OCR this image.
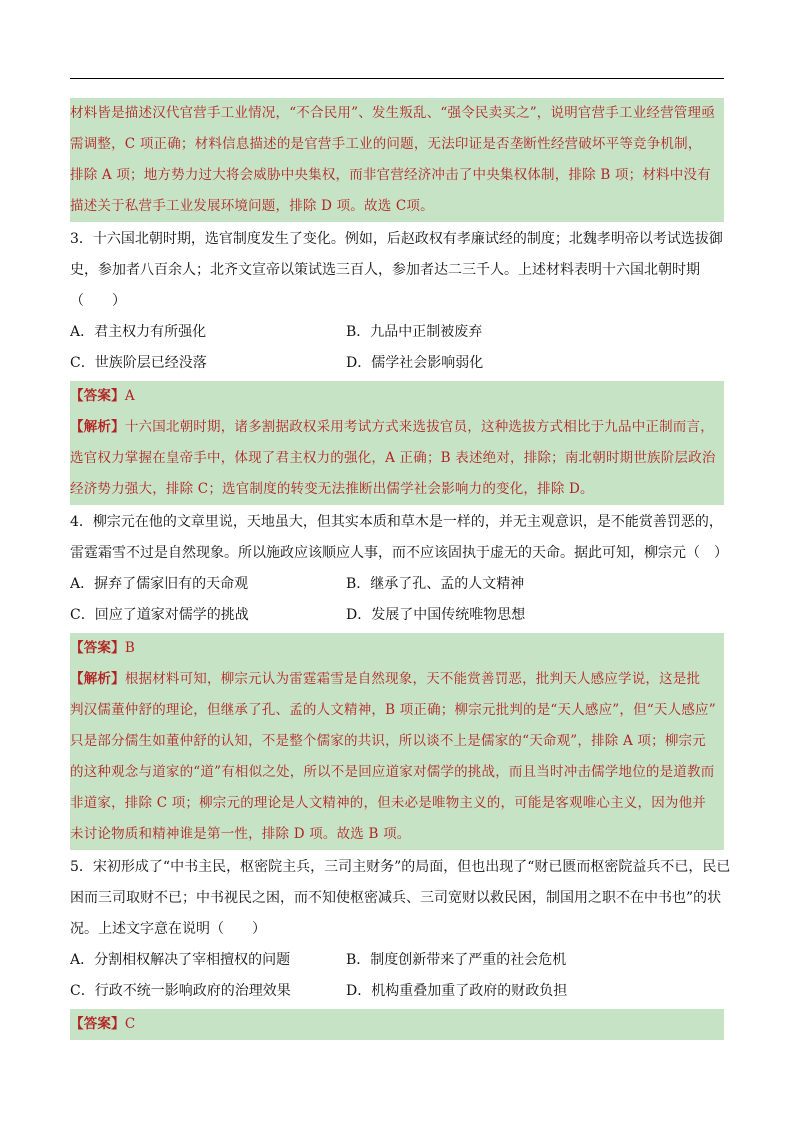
材料皆是描述汉代官营手工业情况，“不合民用”、发生叛乱、“强令民卖买之”，说明官营手工业经营管理亟

需调整，C 项正确；材料信息描述的是官营手工业的问题，无法印证是否垄断性经营破坏平等竞争机制，

排除 A 项；地方势力过大将会威胁中央集权，而非官营经济冲击了中央集权体制，排除 B 项；材料中没有

描述关于私营手工业发展环境问题，排除 D 项。故选 C项。

3．十六国北朝时期，选官制度发生了变化。例如，后赵政权有孝廉试经的制度；北魏孝明帝以考试选拔御

史，参加者八百余人；北齐文宣帝以策试选三百人，参加者达二三千人。上述材料表明十六国北朝时期

（　　）

A．君主权力有所强化	B．九品中正制被废弃
C．世族阶层已经没落	D．儒学社会影响弱化

【答案】A

【解析】十六国北朝时期，诸多割据政权采用考试方式来选拔官员，这种选拔方式相比于九品中正制而言，

选官权力掌握在皇帝手中，体现了君主权力的强化，A 正确；B 表述绝对，排除；南北朝时期世族阶层政治

经济势力强大，排除 C；选官制度的转变无法推断出儒学社会影响力的变化，排除 D。

4．柳宗元在他的文章里说，天地虽大，但其实本质和草木是一样的，并无主观意识，是不能赏善罚恶的，

雷霆霜雪不过是自然现象。所以施政应该顺应人事，而不应该固执于虚无的天命。据此可知，柳宗元（　）

A．摒弃了儒家旧有的天命观	B．继承了孔、孟的人文精神
C．回应了道家对儒学的挑战	D．发展了中国传统唯物思想

【答案】B

【解析】根据材料可知，柳宗元认为雷霆霜雪是自然现象，天不能赏善罚恶，批判天人感应学说，这是批

判汉儒董仲舒的理论，但继承了孔、孟的人文精神，B 项正确；柳宗元批判的是“天人感应”，但“天人感应”

只是部分儒生如董仲舒的认知，不是整个儒家的共识，所以谈不上是儒家的“天命观”，排除 A 项；柳宗元

的这种观念与道家的“道”有相似之处，所以不是回应道家对儒学的挑战，而且当时冲击儒学地位的是道教而

非道家，排除 C 项；柳宗元的理论是人文精神的，但未必是唯物主义的，可能是客观唯心主义，因为他并

未讨论物质和精神谁是第一性，排除 D 项。故选 B 项。

5．宋初形成了“中书主民，枢密院主兵，三司主财务”的局面，但也出现了“财已匮而枢密院益兵不已，民已

困而三司取财不已；中书视民之困，而不知使枢密减兵、三司宽财以救民困，制国用之职不在中书也”的状

况。上述文字意在说明（　　）

A．分割相权解决了宰相擅权的问题	B．制度创新带来了严重的社会危机
C．行政不统一影响政府的治理效果	D．机构重叠加重了政府的财政负担

【答案】C
